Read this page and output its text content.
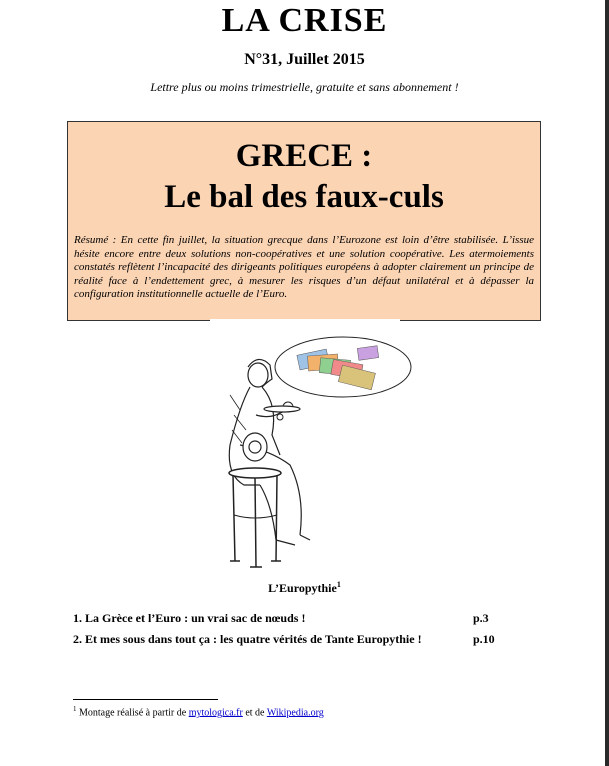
LA CRISE
N°31, Juillet 2015
Lettre plus ou moins trimestrielle, gratuite et sans abonnement !
GRECE :
Le bal des faux-culs

Résumé : En cette fin juillet, la situation grecque dans l’Eurozone est loin d’être stabilisée. L’issue hésite encore entre deux solutions non-coopératives et une solution coopérative. Les atermoiements constatés reflètent l’incapacité des dirigeants politiques européens à adopter clairement un principe de réalité face à l’endettement grec, à mesurer les risques d’un défaut unilatéral et à dépasser la configuration institutionnelle actuelle de l’Euro.

L’Europythie$^1$
1. La Grèce et l’Euro : un vrai sac de nœuds !	p.3
2. Et mes sous dans tout ça : les quatre vérités de Tante Europythie !	p.10
$^1$ Montage réalisé à partir de mytologica.fr et de Wikipedia.org
